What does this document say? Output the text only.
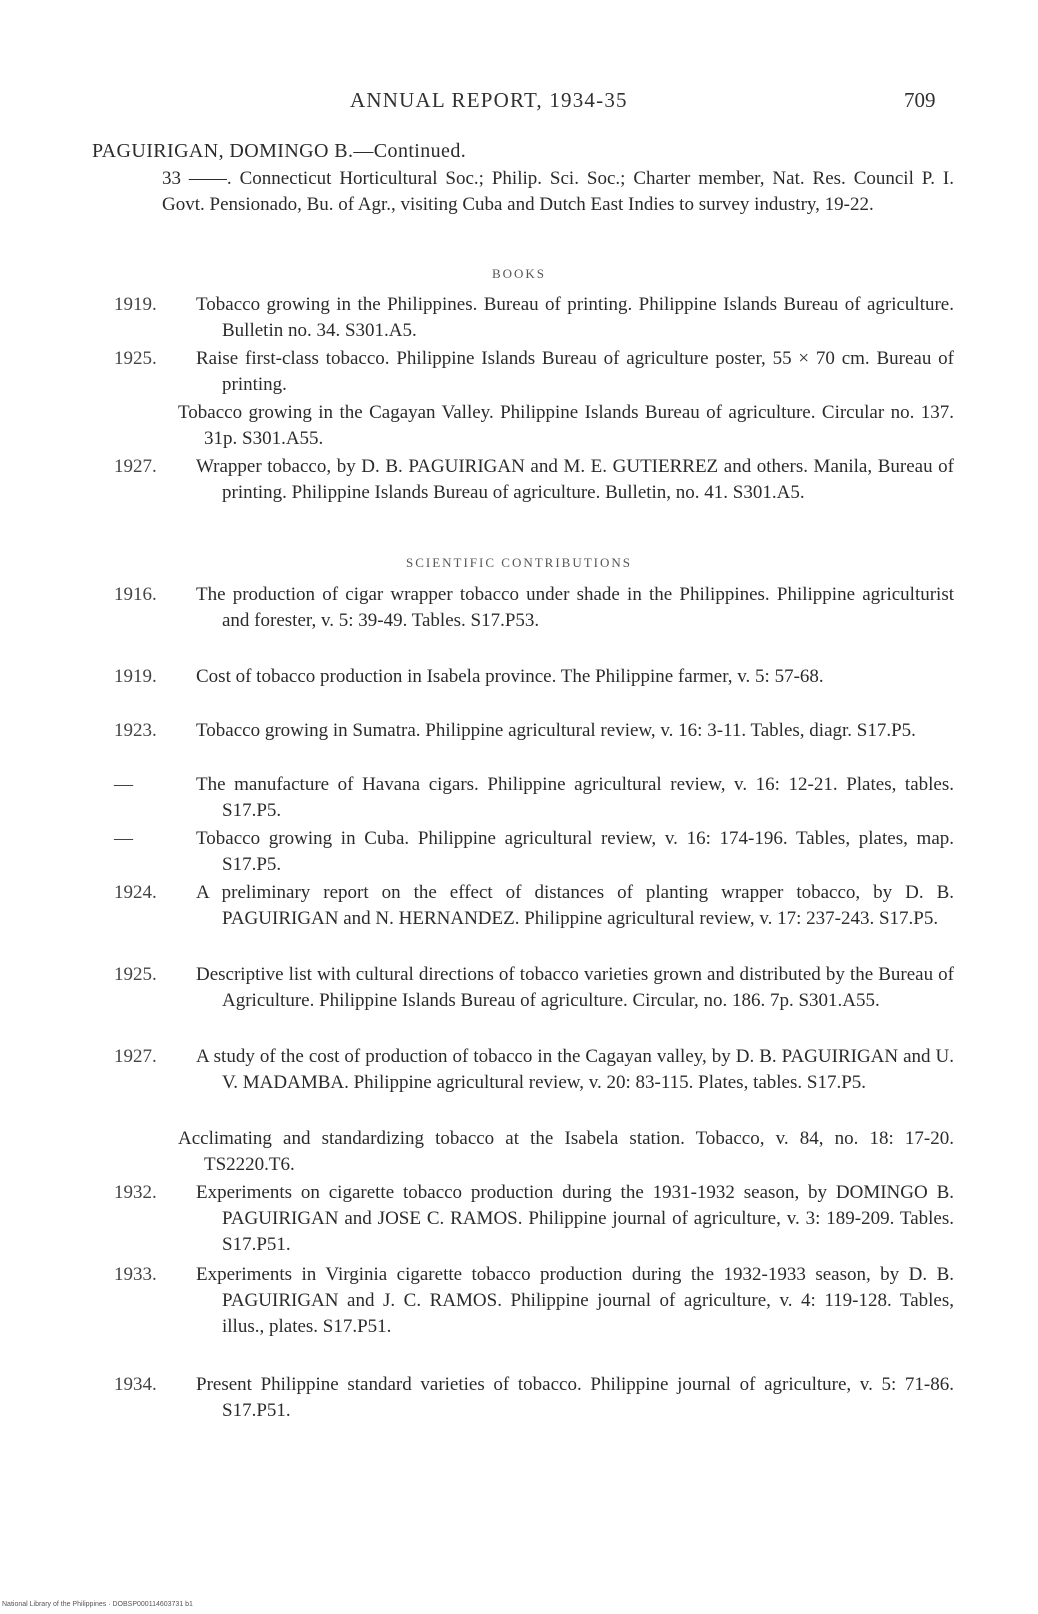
ANNUAL REPORT, 1934-35	709
PAGUIRIGAN, DOMINGO B.—Continued.
33 ——. Connecticut Horticultural Soc.; Philip. Sci. Soc.; Charter member, Nat. Res. Council P. I. Govt. Pensionado, Bu. of Agr., visiting Cuba and Dutch East Indies to survey industry, 19-22.
BOOKS
1919.	Tobacco growing in the Philippines. Bureau of printing. Philippine Islands Bureau of agriculture. Bulletin no. 34. S301.A5.
1925.	Raise first-class tobacco. Philippine Islands Bureau of agriculture poster, 55 × 70 cm. Bureau of printing.
Tobacco growing in the Cagayan Valley. Philippine Islands Bureau of agriculture. Circular no. 137. 31p. S301.A55.
1927.	Wrapper tobacco, by D. B. PAGUIRIGAN and M. E. GUTIERREZ and others. Manila, Bureau of printing. Philippine Islands Bureau of agriculture. Bulletin, no. 41. S301.A5.
SCIENTIFIC CONTRIBUTIONS
1916.	The production of cigar wrapper tobacco under shade in the Philippines. Philippine agriculturist and forester, v. 5: 39-49. Tables. S17.P53.
1919.	Cost of tobacco production in Isabela province. The Philippine farmer, v. 5: 57-68.
1923.	Tobacco growing in Sumatra. Philippine agricultural review, v. 16: 3-11. Tables, diagr. S17.P5.
—	The manufacture of Havana cigars. Philippine agricultural review, v. 16: 12-21. Plates, tables. S17.P5.
—	Tobacco growing in Cuba. Philippine agricultural review, v. 16: 174-196. Tables, plates, map. S17.P5.
1924.	A preliminary report on the effect of distances of planting wrapper tobacco, by D. B. PAGUIRIGAN and N. HERNANDEZ. Philippine agricultural review, v. 17: 237-243. S17.P5.
1925.	Descriptive list with cultural directions of tobacco varieties grown and distributed by the Bureau of Agriculture. Philippine Islands Bureau of agriculture. Circular, no. 186. 7p. S301.A55.
1927.	A study of the cost of production of tobacco in the Cagayan valley, by D. B. PAGUIRIGAN and U. V. MADAMBA. Philippine agricultural review, v. 20: 83-115. Plates, tables. S17.P5.
Acclimating and standardizing tobacco at the Isabela station. Tobacco, v. 84, no. 18: 17-20. TS2220.T6.
1932.	Experiments on cigarette tobacco production during the 1931-1932 season, by DOMINGO B. PAGUIRIGAN and JOSE C. RAMOS. Philippine journal of agriculture, v. 3: 189-209. Tables. S17.P51.
1933.	Experiments in Virginia cigarette tobacco production during the 1932-1933 season, by D. B. PAGUIRIGAN and J. C. RAMOS. Philippine journal of agriculture, v. 4: 119-128. Tables, illus., plates. S17.P51.
1934.	Present Philippine standard varieties of tobacco. Philippine journal of agriculture, v. 5: 71-86. S17.P51.
National Library of the Philippines · DOBSP000114603731 b1
